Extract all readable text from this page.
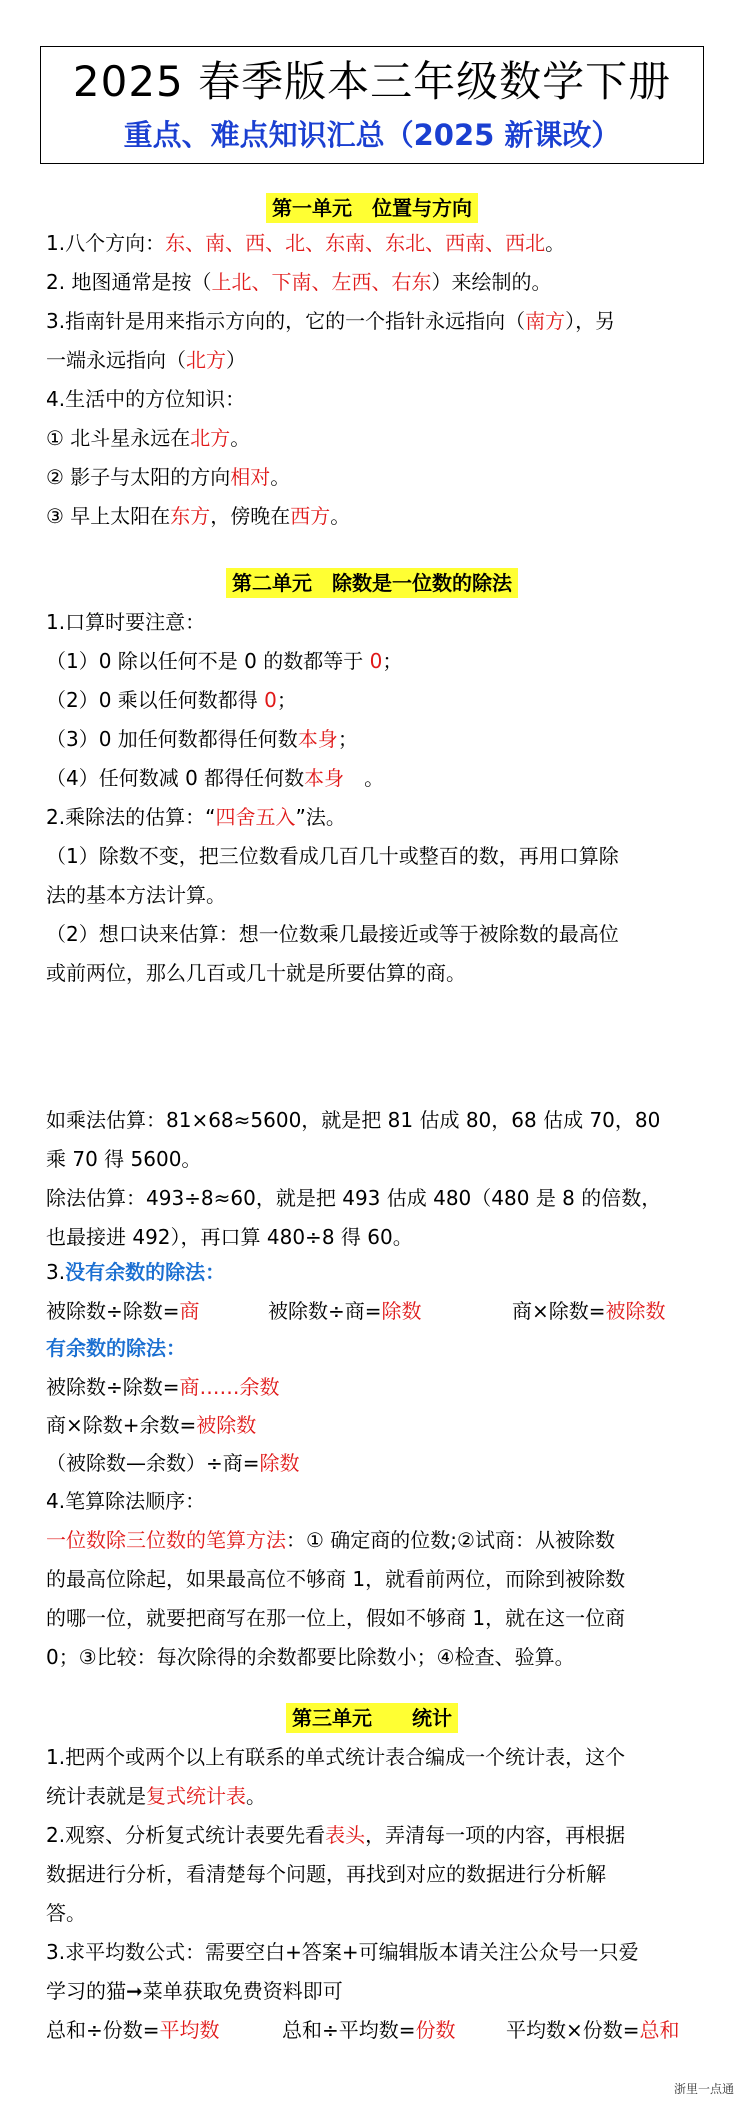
2025 春季版本三年级数学下册
重点、难点知识汇总（2025 新课改）
第一单元　位置与方向
1.八个方向：东、南、西、北、东南、东北、西南、西北。
2. 地图通常是按（上北、下南、左西、右东）来绘制的。
3.指南针是用来指示方向的，它的一个指针永远指向（南方），另
一端永远指向（北方）
4.生活中的方位知识：
① 北斗星永远在北方。
② 影子与太阳的方向相对。
③ 早上太阳在东方，傍晚在西方。
第二单元　除数是一位数的除法
1.口算时要注意：
（1）0 除以任何不是 0 的数都等于 0；
（2）0 乘以任何数都得 0；
（3）0 加任何数都得任何数本身；
（4）任何数减 0 都得任何数本身　。
2.乘除法的估算：“四舍五入”法。
（1）除数不变，把三位数看成几百几十或整百的数，再用口算除
法的基本方法计算。
（2）想口诀来估算：想一位数乘几最接近或等于被除数的最高位
或前两位，那么几百或几十就是所要估算的商。
如乘法估算：81×68≈5600，就是把 81 估成 80，68 估成 70，80
乘 70 得 5600。
除法估算：493÷8≈60，就是把 493 估成 480（480 是 8 的倍数，
也最接进 492），再口算 480÷8 得 60。
3.没有余数的除法：
被除数÷除数=商	被除数÷商=除数	商×除数=被除数
有余数的除法：
被除数÷除数=商……余数
商×除数+余数=被除数
（被除数—余数）÷商=除数
4.笔算除法顺序：
一位数除三位数的笔算方法：① 确定商的位数;②试商：从被除数
的最高位除起，如果最高位不够商 1，就看前两位，而除到被除数
的哪一位，就要把商写在那一位上，假如不够商 1，就在这一位商
0；③比较：每次除得的余数都要比除数小；④检查、验算。
第三单元　　统计
1.把两个或两个以上有联系的单式统计表合编成一个统计表，这个
统计表就是复式统计表。
2.观察、分析复式统计表要先看表头，弄清每一项的内容，再根据
数据进行分析，看清楚每个问题，再找到对应的数据进行分析解
答。
3.求平均数公式：需要空白+答案+可编辑版本请关注公众号一只爱
学习的猫➞菜单获取免费资料即可
总和÷份数=平均数	总和÷平均数=份数	平均数×份数=总和
浙里一点通
